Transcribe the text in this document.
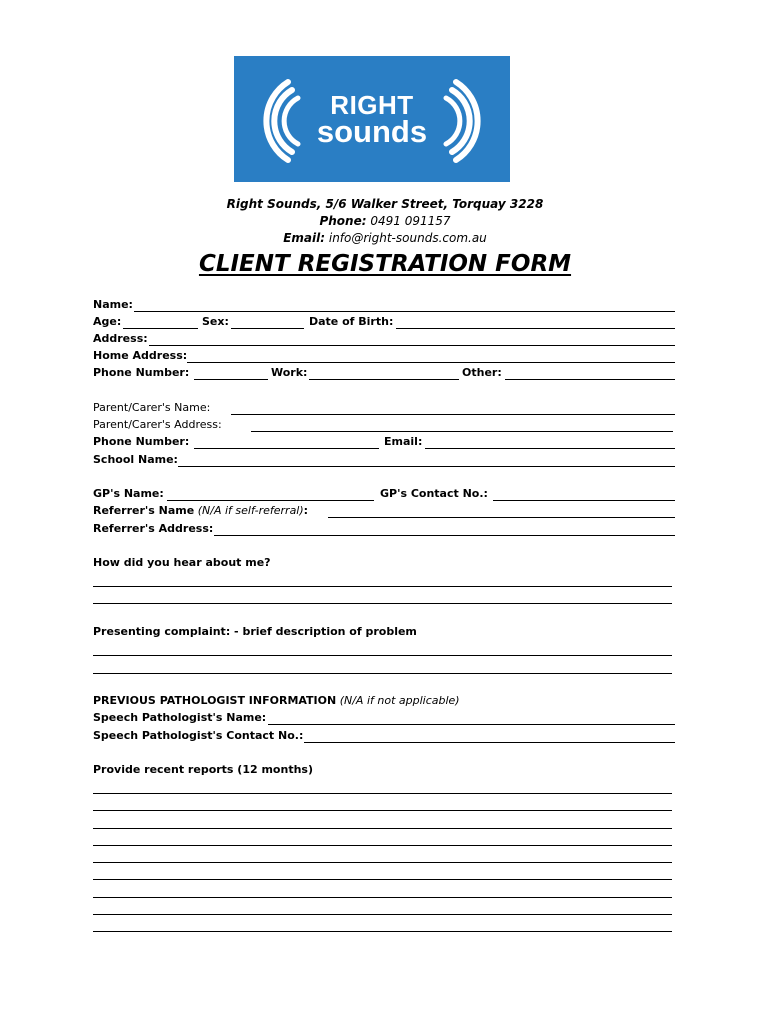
RIGHT
sounds
Right Sounds, 5/6 Walker Street, Torquay 3228
Phone: 0491 091157
Email: info@right-sounds.com.au
CLIENT REGISTRATION FORM
Name:
Age:	Sex:	Date of Birth:
Address:
Home Address:
Phone Number:	Work:	Other:
Parent/Carer's Name:
Parent/Carer's Address:
Phone Number:	Email:
School Name:
GP's Name:	GP's Contact No.:
Referrer's Name (N/A if self-referral):
Referrer's Address:
How did you hear about me?
Presenting complaint: - brief description of problem
PREVIOUS PATHOLOGIST INFORMATION (N/A if not applicable)
Speech Pathologist's Name:
Speech Pathologist's Contact No.:
Provide recent reports (12 months)
